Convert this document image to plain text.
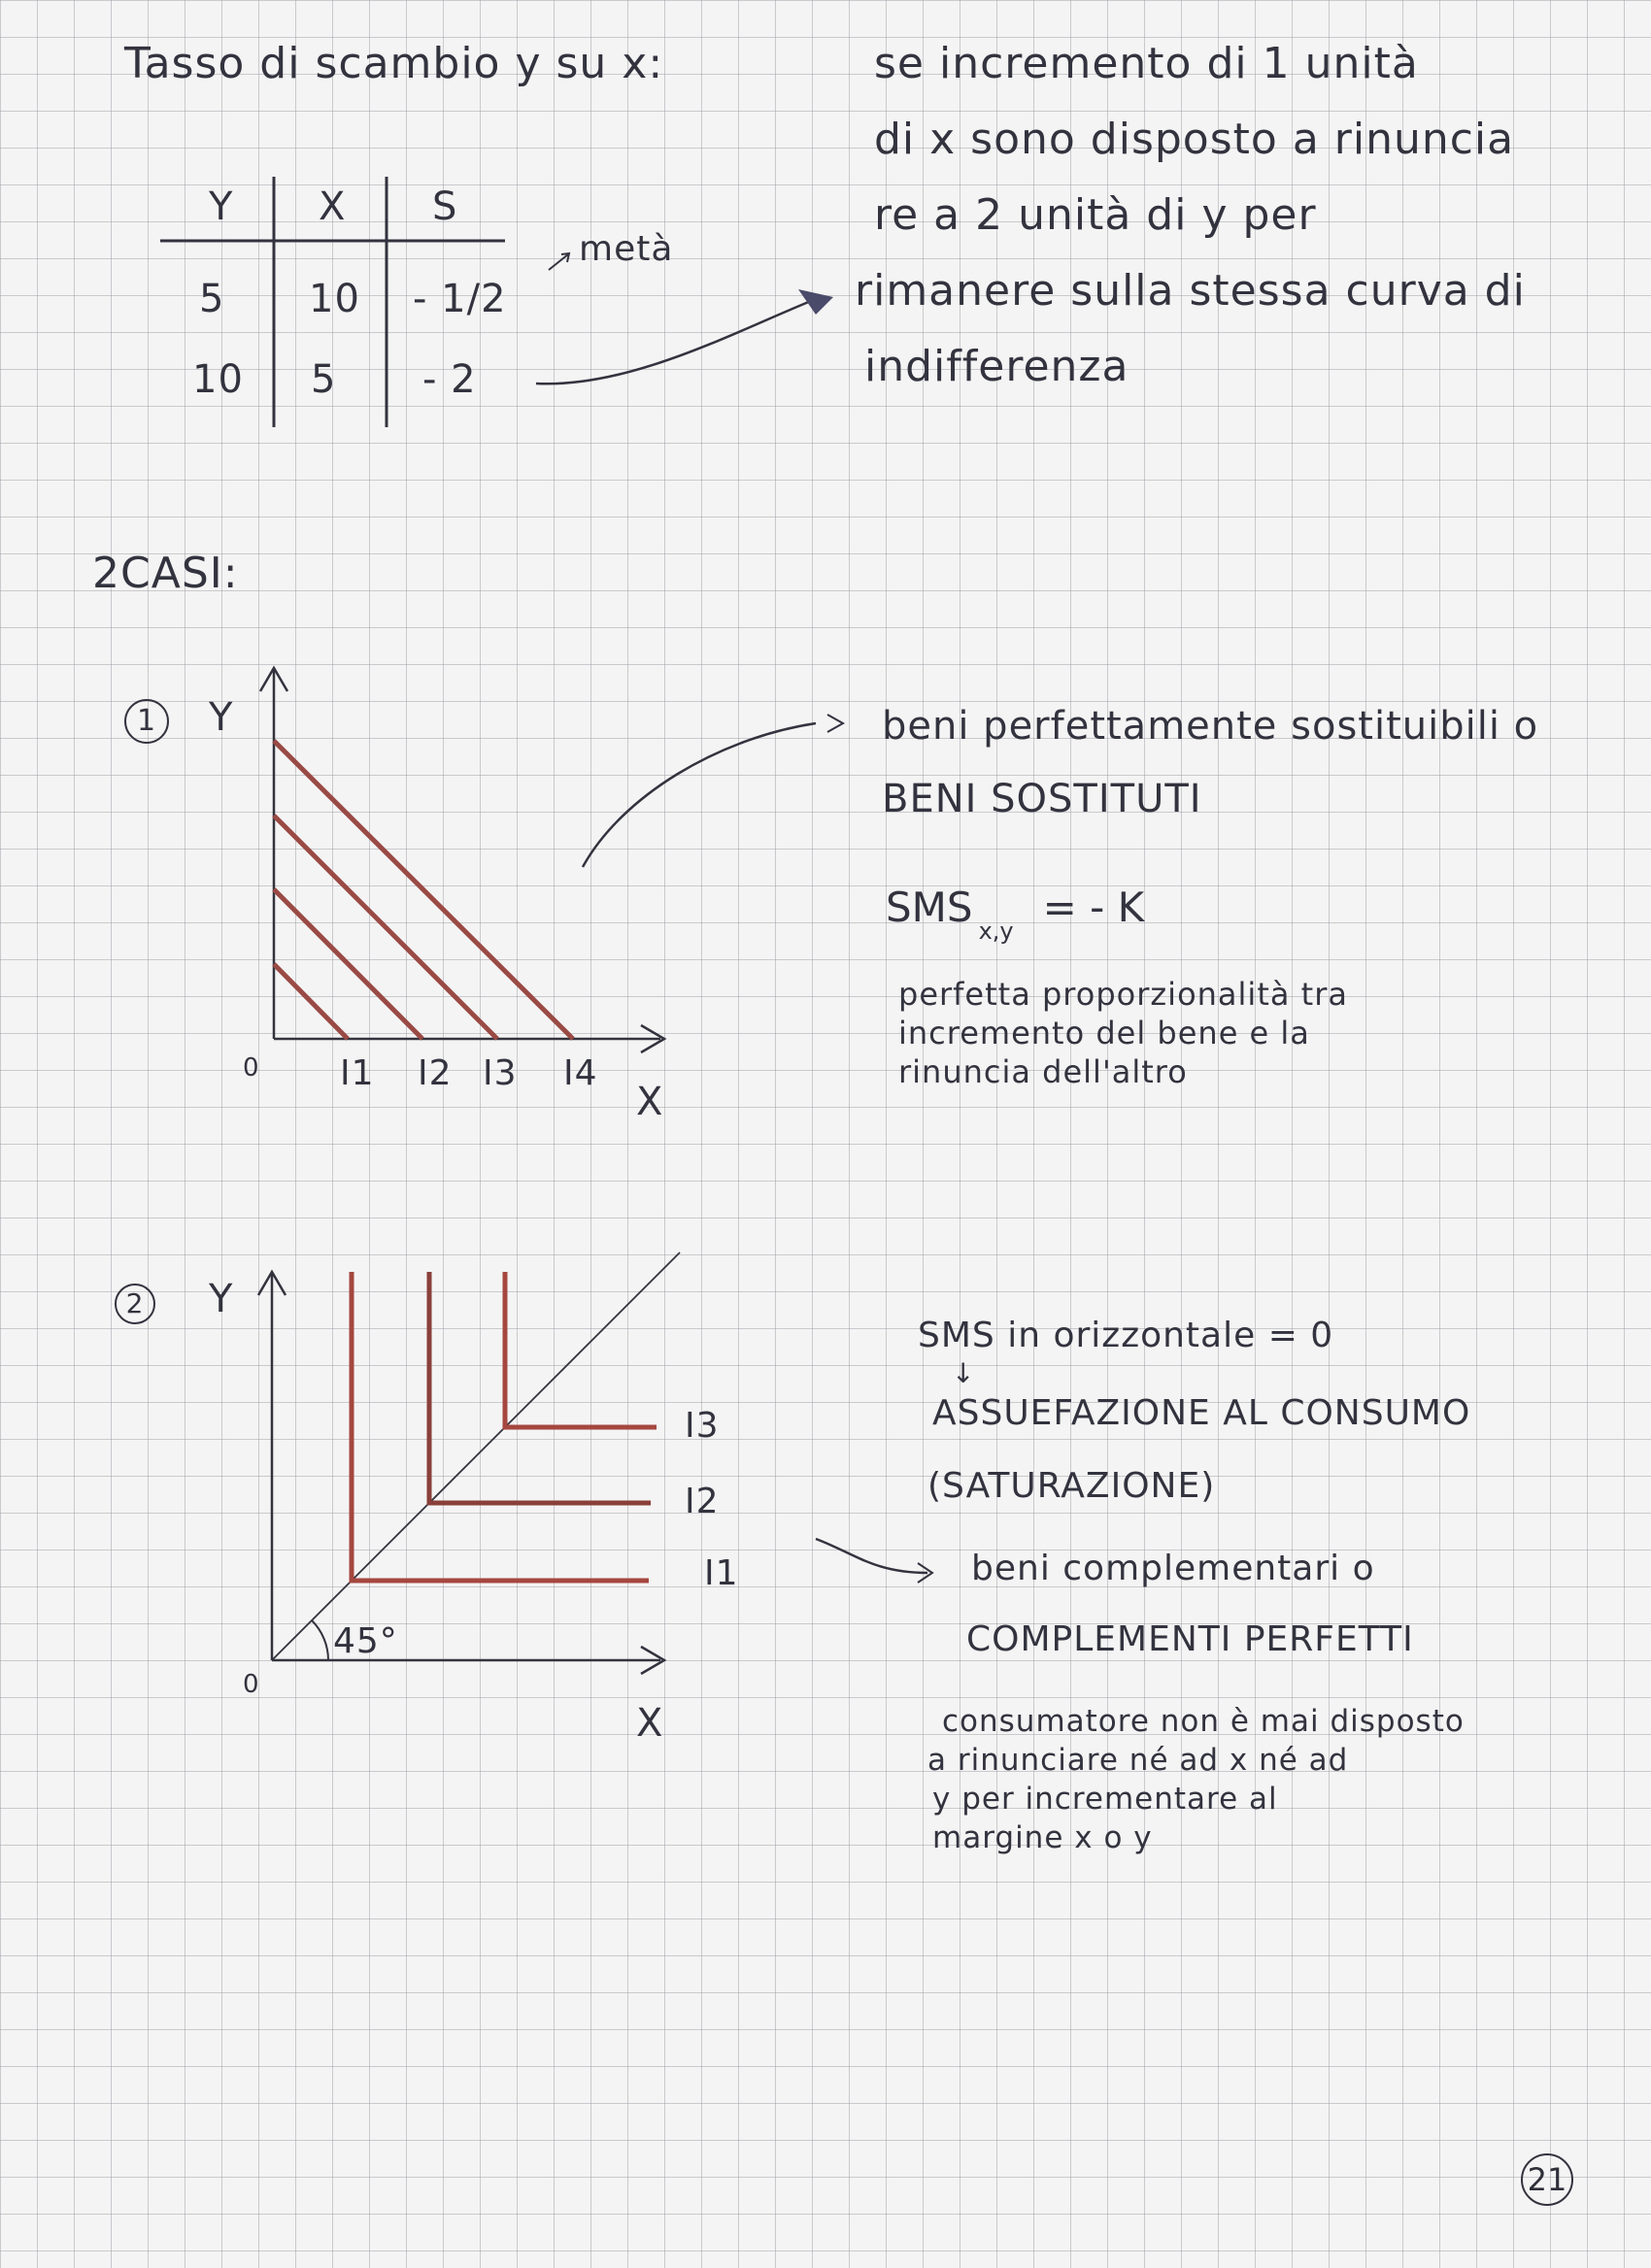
Tasso di scambio y su x:	se incremento di 1 unità
di x sono disposto a rinuncia
re a 2 unità di y per
rimanere sulla stessa curva di
indifferenza
Y X S
5 10 - 1/2
10 5 - 2
metà
2CASI:
1	Y
0 I1 I2 I3 I4
X
beni perfettamente sostituibili o
BENI SOSTITUTI
SMS x,y = - K
perfetta proporzionalità tra
incremento del bene e la
rinuncia dell'altro
2 Y
0
45°
X
I3
I2
I1
SMS in orizzontale = 0
↓
ASSUEFAZIONE AL CONSUMO
(SATURAZIONE)
beni complementari o
COMPLEMENTI PERFETTI
consumatore non è mai disposto
a rinunciare né ad x né ad
y per incrementare al
margine x o y
21
